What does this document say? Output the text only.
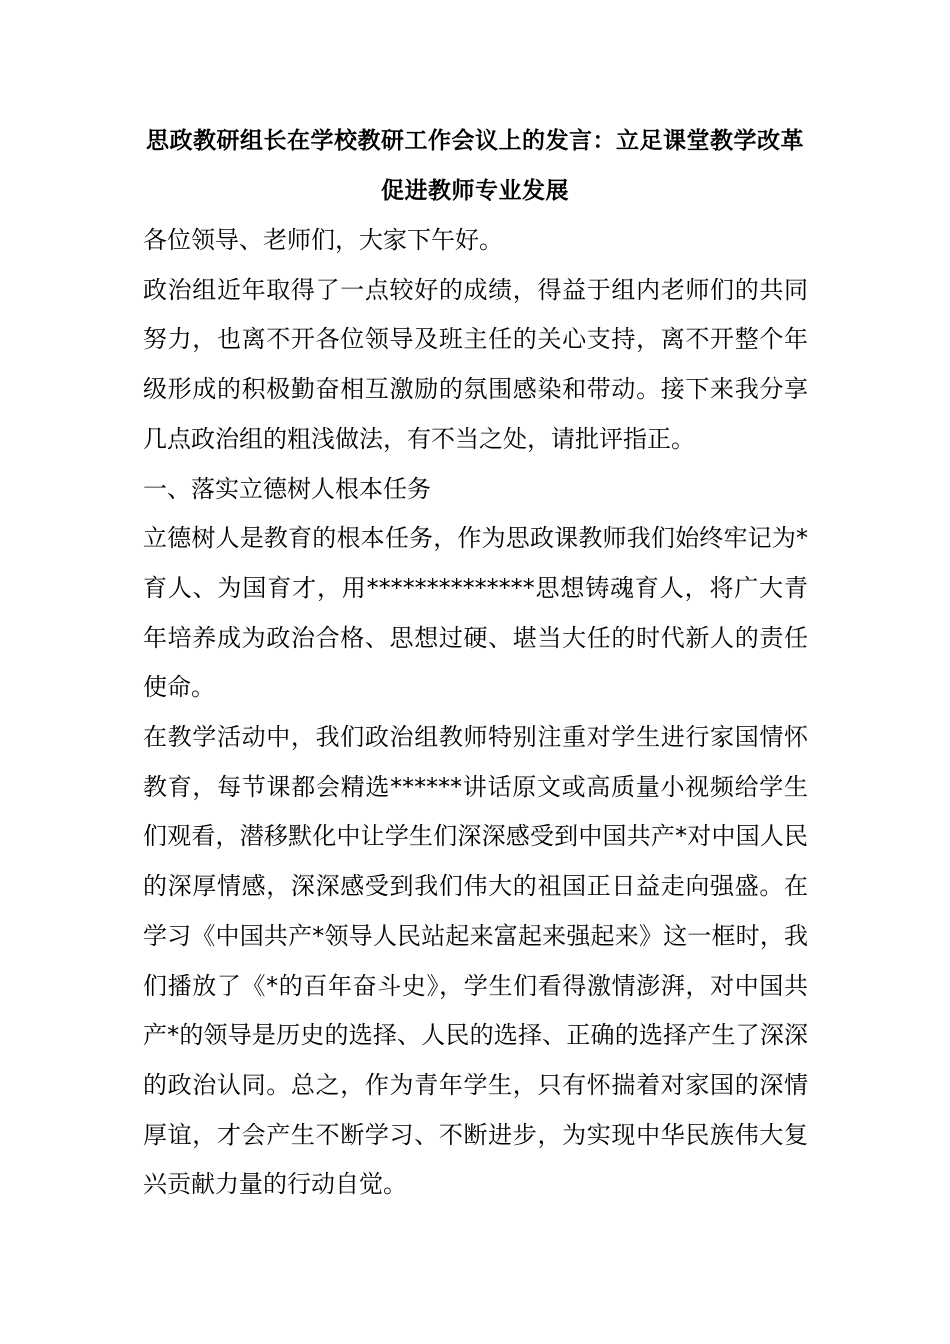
思政教研组长在学校教研工作会议上的发言：立足课堂教学改革促进教师专业发展

各位领导、老师们，大家下午好。

政治组近年取得了一点较好的成绩，得益于组内老师们的共同努力，也离不开各位领导及班主任的关心支持，离不开整个年级形成的积极勤奋相互激励的氛围感染和带动。接下来我分享几点政治组的粗浅做法，有不当之处，请批评指正。

一、落实立德树人根本任务

立德树人是教育的根本任务，作为思政课教师我们始终牢记为*育人、为国育才，用**************思想铸魂育人，将广大青年培养成为政治合格、思想过硬、堪当大任的时代新人的责任使命。

在教学活动中，我们政治组教师特别注重对学生进行家国情怀教育，每节课都会精选******讲话原文或高质量小视频给学生们观看，潜移默化中让学生们深深感受到中国共产*对中国人民的深厚情感，深深感受到我们伟大的祖国正日益走向强盛。在学习《中国共产*领导人民站起来富起来强起来》这一框时，我们播放了《*的百年奋斗史》，学生们看得激情澎湃，对中国共产*的领导是历史的选择、人民的选择、正确的选择产生了深深的政治认同。总之，作为青年学生，只有怀揣着对家国的深情厚谊，才会产生不断学习、不断进步，为实现中华民族伟大复兴贡献力量的行动自觉。
